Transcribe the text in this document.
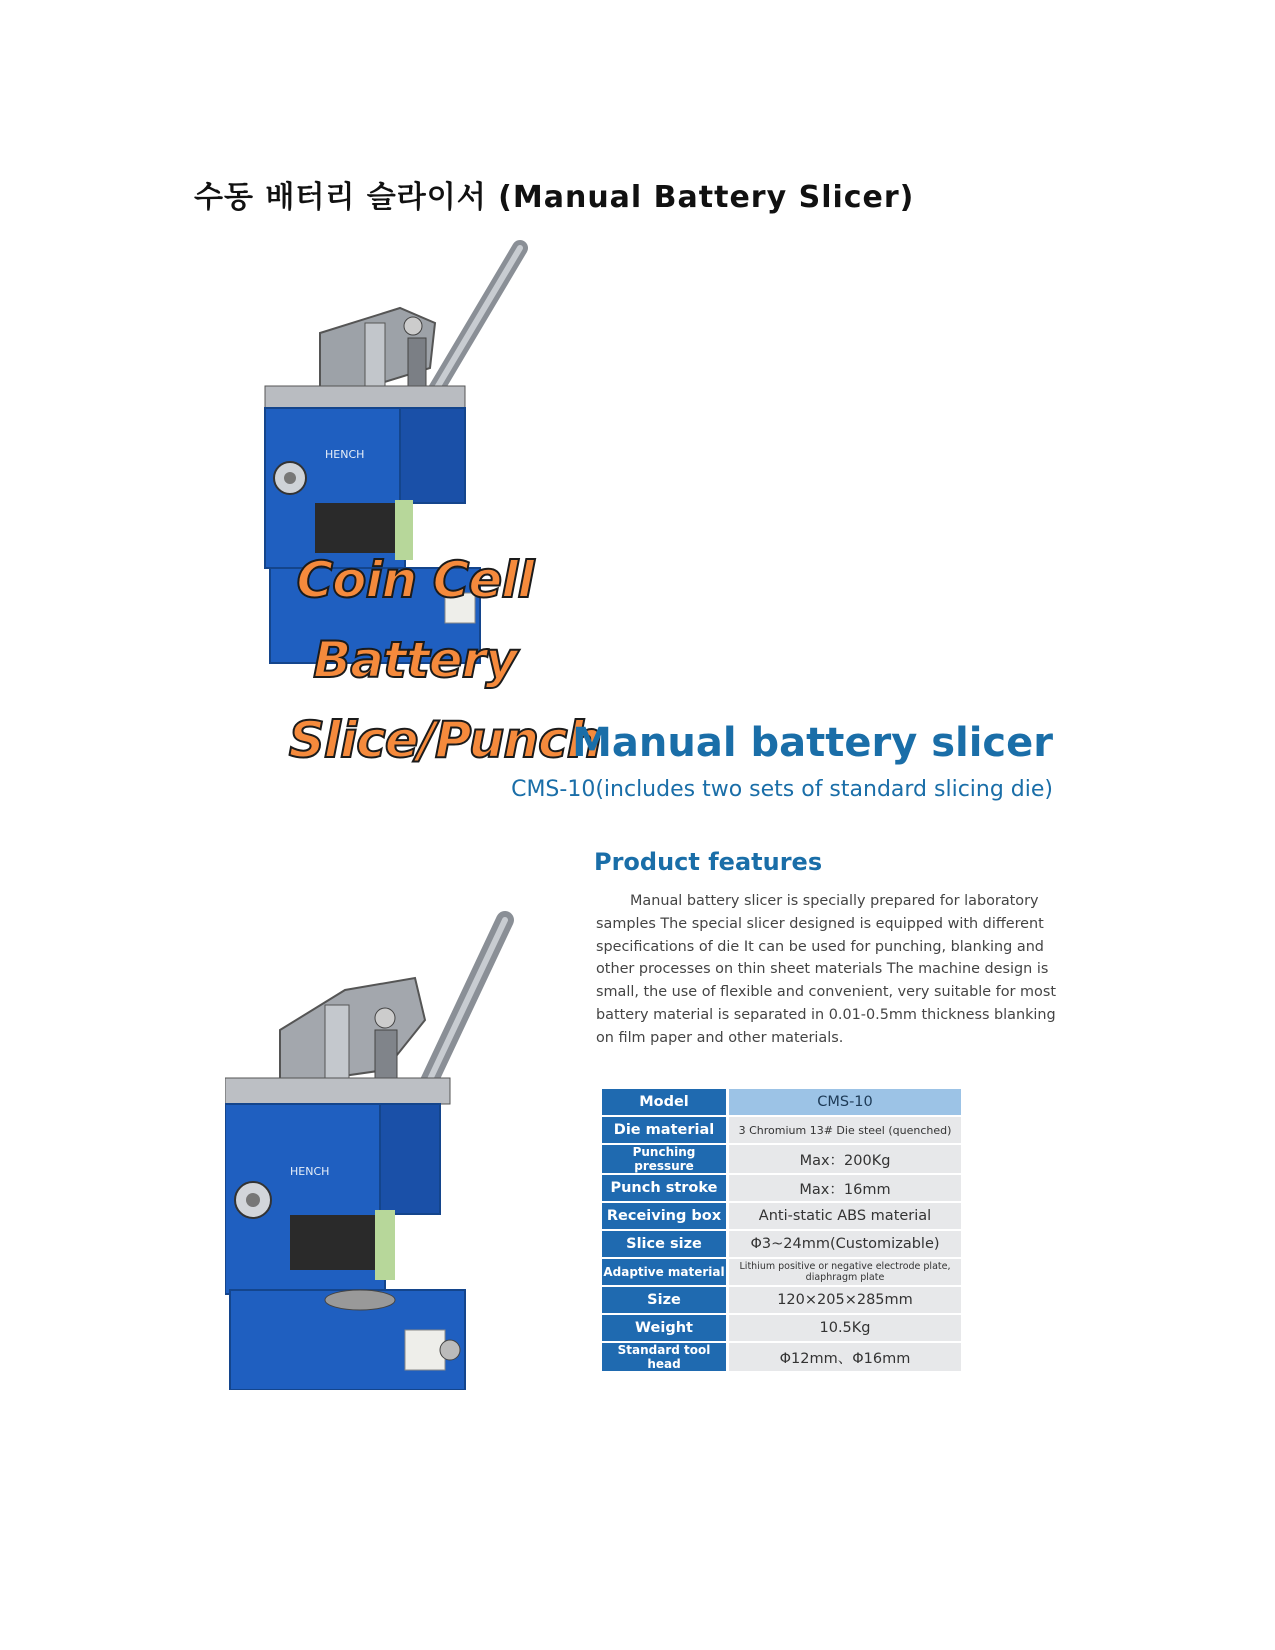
수동 배터리 슬라이서 (Manual Battery Slicer)
HENCH
Coin Cell Battery
Slice/Punch
Manual battery slicer
CMS-10(includes two sets of standard slicing die)
HENCH
Product features

Manual battery slicer is specially prepared for laboratory samples The special slicer designed is equipped with different specifications of die It can be used for punching, blanking and other processes on thin sheet materials The machine design is small, the use of flexible and convenient, very suitable for most battery material is separated in 0.01-0.5mm thickness blanking on film paper and other materials.

Model	CMS-10
Die material	3 Chromium 13# Die steel (quenched)
Punching pressure	Max：200Kg
Punch stroke	Max：16mm
Receiving box	Anti-static ABS material
Slice size	Φ3~24mm(Customizable)
Adaptive material	Lithium positive or negative electrode plate, diaphragm plate
Size	120×205×285mm
Weight	10.5Kg
Standard tool head	Φ12mm、Φ16mm
